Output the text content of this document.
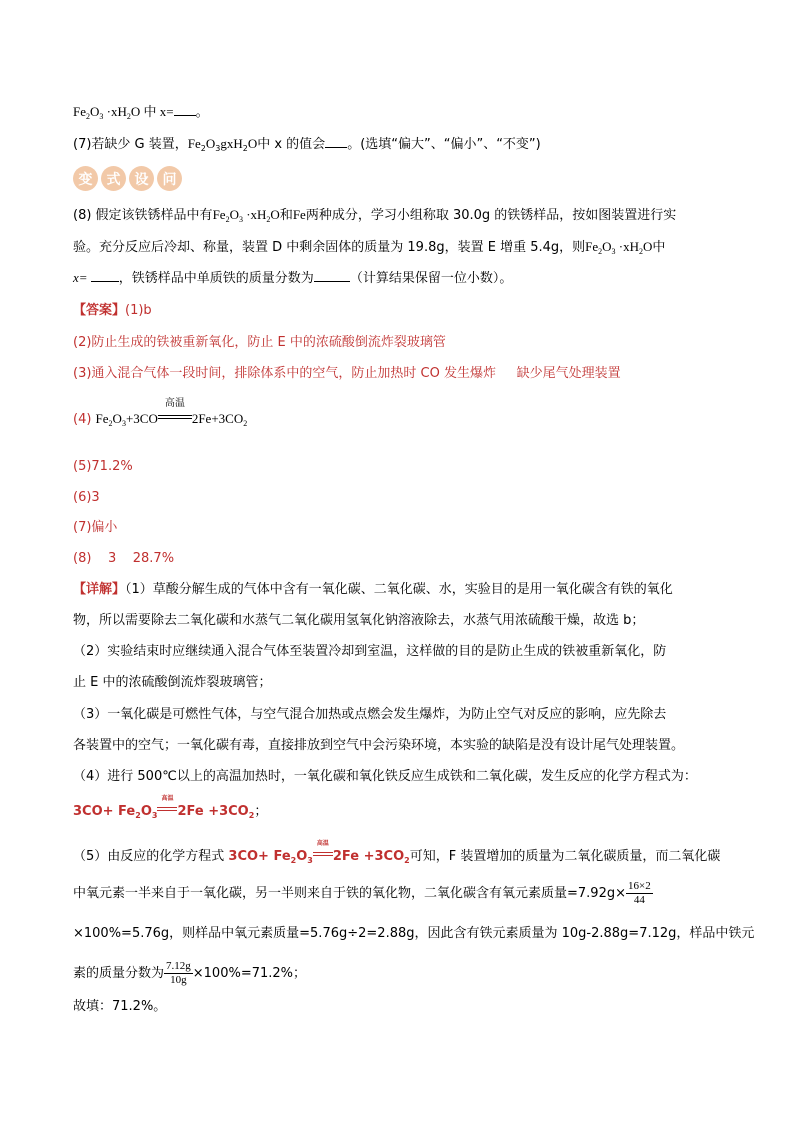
$Fe_2O_3 \cdot xH_2O$ 中 x= 。
(7)若缺少 G 装置，$Fe_2O_3gxH_2O$中 x 的值会 。(选填“偏大”、“偏小”、“不变”)
变	式	设	问
(8) 假定该铁锈样品中有$Fe_2O_3 \cdot xH_2O$和Fe两种成分，学习小组称取 30.0g 的铁锈样品，按如图装置进行实
验。充分反应后冷却、称量，装置 D 中剩余固体的质量为 19.8g，装置 E 增重 5.4g，则$Fe_2O_3 \cdot xH_2O$中
x= ，铁锈样品中单质铁的质量分数为	（计算结果保留一位小数）。
【答案】(1)b
(2)防止生成的铁被重新氧化，防止 E 中的浓硫酸倒流炸裂玻璃管
(3)通入混合气体一段时间，排除体系中的空气，防止加热时 CO 发生爆炸 缺少尾气处理装置
(4) $Fe_2O_3+3CO$
高温
$2Fe+3CO_2$
(5)71.2%
(6)3
(7)偏小
(8)    3    28.7%
【详解】（1）草酸分解生成的气体中含有一氧化碳、二氧化碳、水，实验目的是用一氧化碳含有铁的氧化
物，所以需要除去二氧化碳和水蒸气二氧化碳用氢氧化钠溶液除去，水蒸气用浓硫酸干燥，故选 b；
（2）实验结束时应继续通入混合气体至装置冷却到室温，这样做的目的是防止生成的铁被重新氧化，防
止 E 中的浓硫酸倒流炸裂玻璃管；
（3）一氧化碳是可燃性气体，与空气混合加热或点燃会发生爆炸，为防止空气对反应的影响，应先除去
各装置中的空气；一氧化碳有毒，直接排放到空气中会污染环境，本实验的缺陷是没有设计尾气处理装置。
（4）进行 500℃以上的高温加热时，一氧化碳和氧化铁反应生成铁和二氧化碳，发生反应的化学方程式为：
$3CO+ Fe_2O_3$
高温
$2Fe +3CO_2$；
（5）由反应的化学方程式 $3CO+ Fe_2O_3$
高温
$2Fe +3CO_2$可知，F 装置增加的质量为二氧化碳质量，而二氧化碳
中氧元素一半来自于一氧化碳，另一半则来自于铁的氧化物，二氧化碳含有氧元素质量$=7.92g\times \frac{16\times 2}{44}$
×100%=5.76g，则样品中氧元素质量=5.76g÷2=2.88g，因此含有铁元素质量为 10g-2.88g=7.12g，样品中铁元
素的质量分数为 $\frac{7.12g}{10g} \times 100\%=71.2\%$；
故填：71.2%。
